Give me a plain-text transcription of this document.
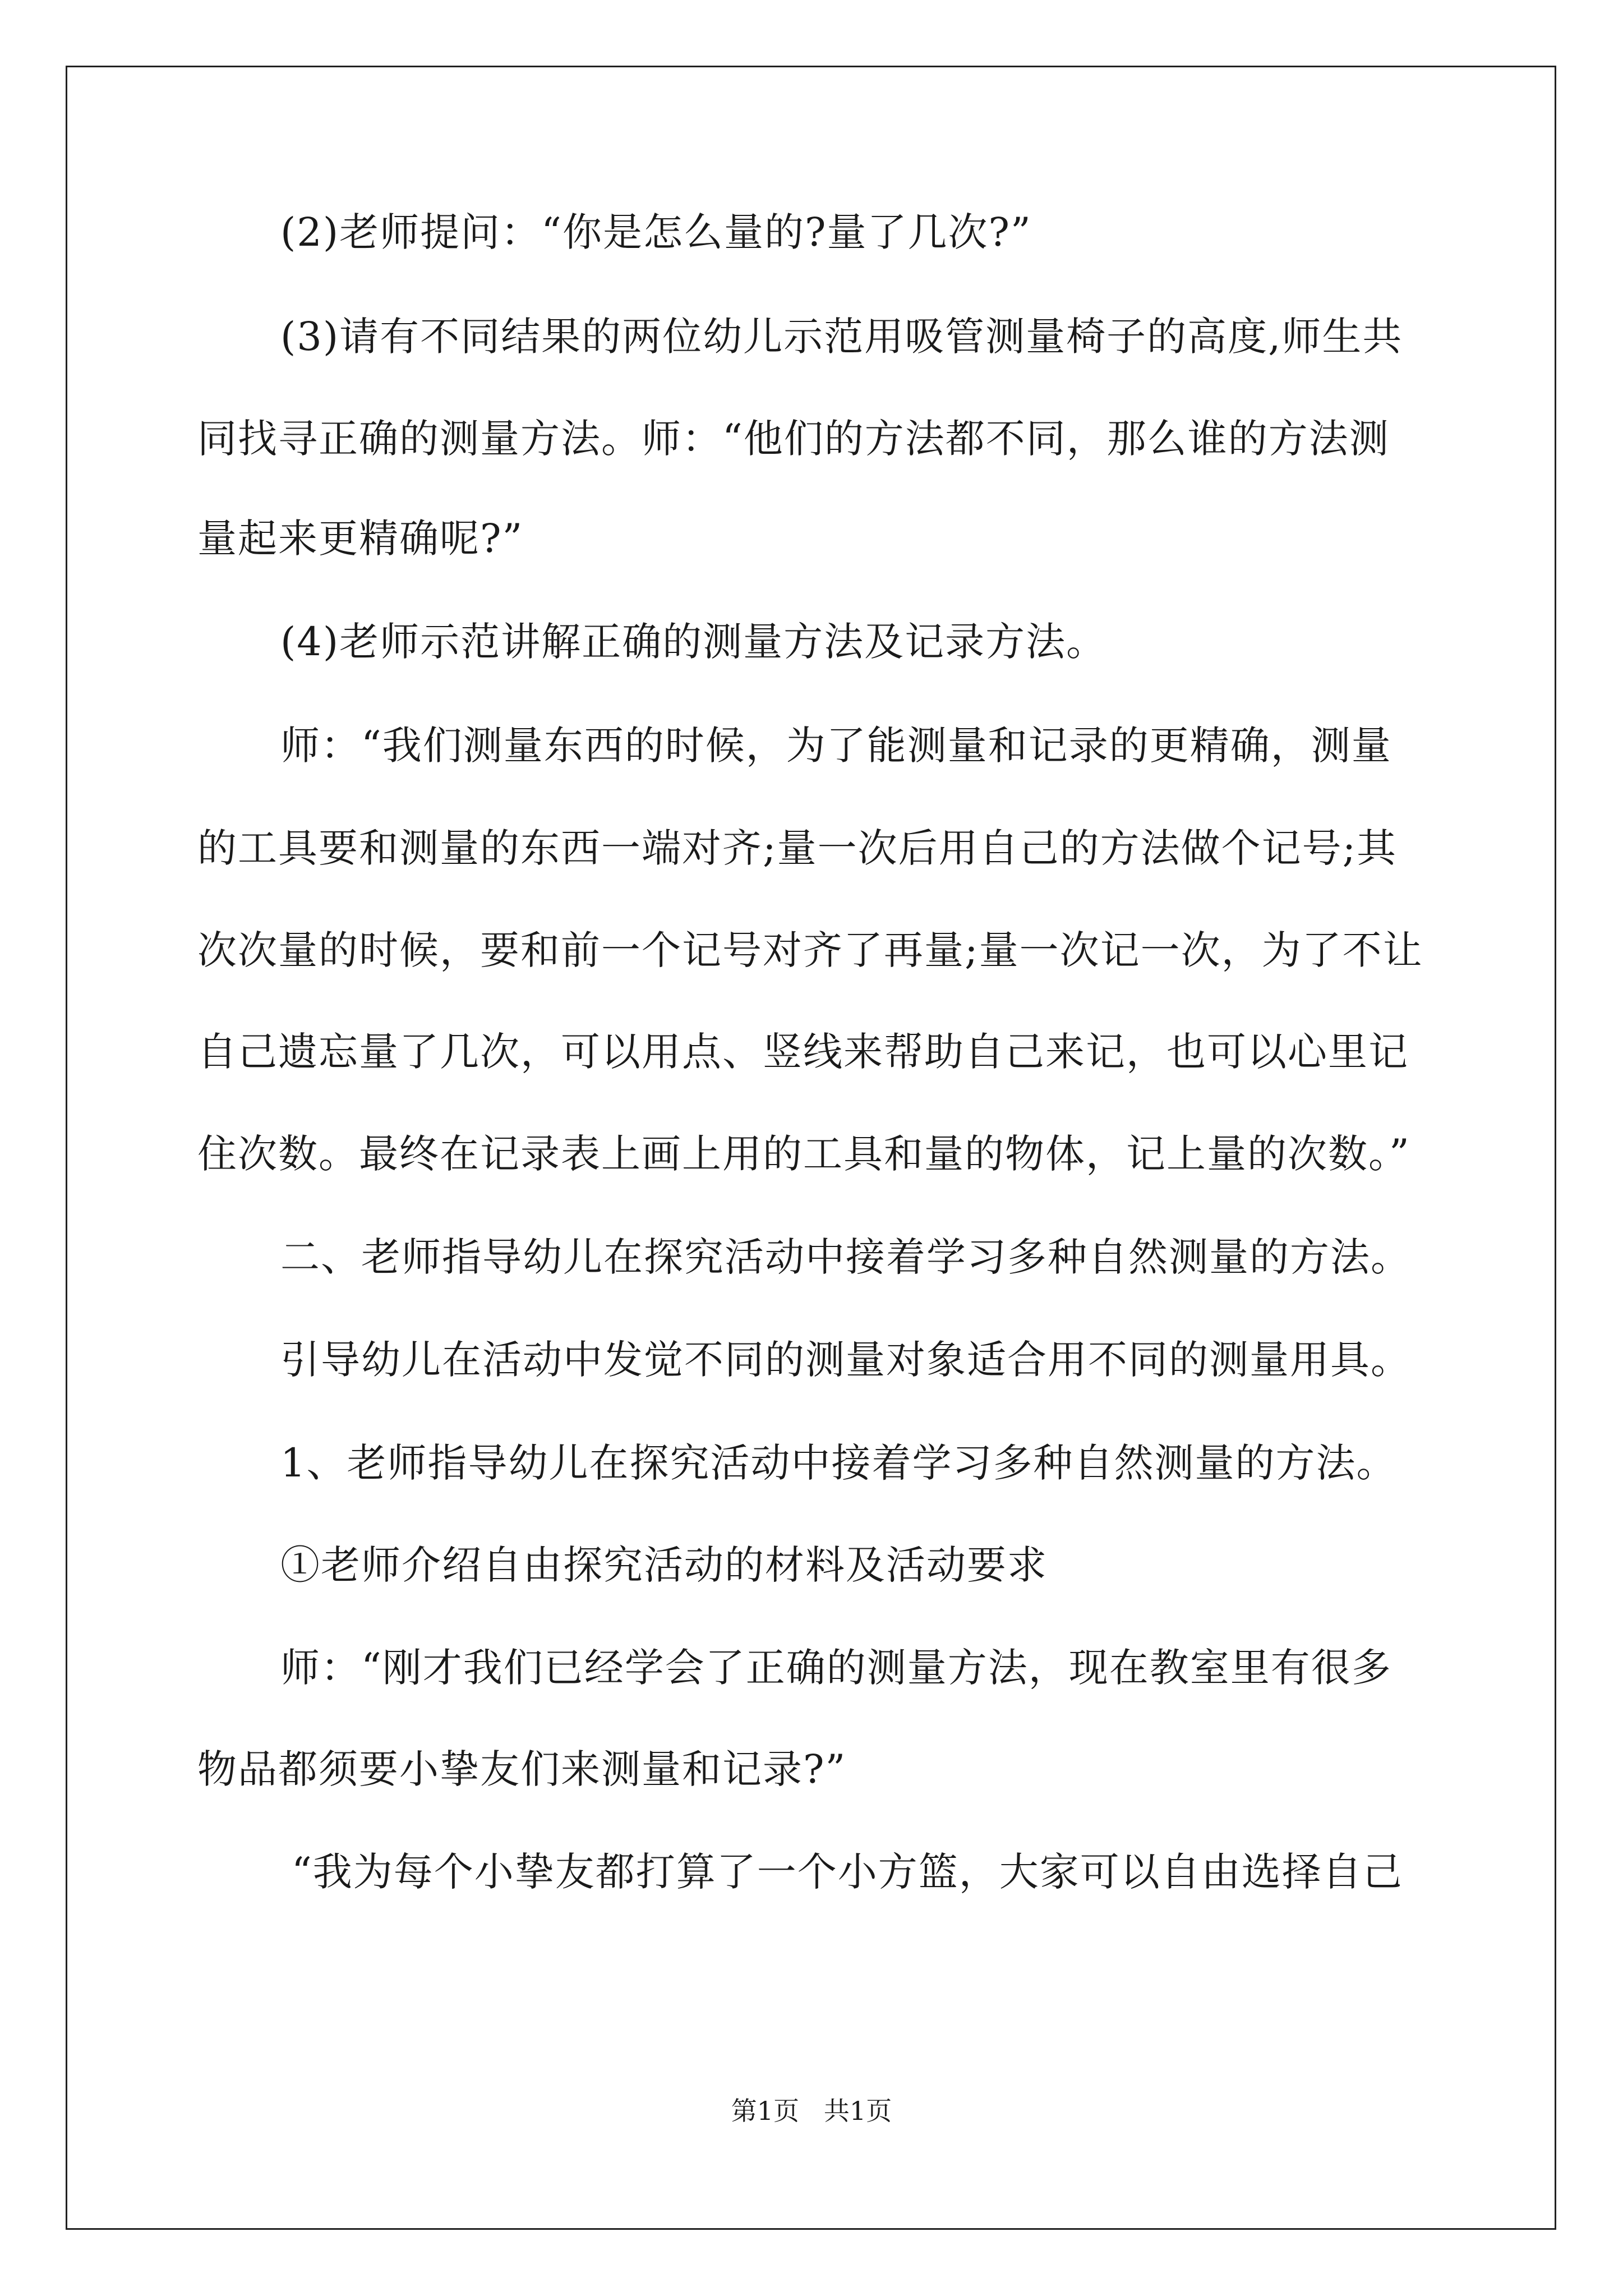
(2)老师提问：“你是怎么量的?量了几次?”

(3)请有不同结果的两位幼儿示范用吸管测量椅子的高度,师生共

同找寻正确的测量方法。师：“他们的方法都不同，那么谁的方法测

量起来更精确呢?”

(4)老师示范讲解正确的测量方法及记录方法。

师：“我们测量东西的时候，为了能测量和记录的更精确，测量

的工具要和测量的东西一端对齐;量一次后用自己的方法做个记号;其

次次量的时候，要和前一个记号对齐了再量;量一次记一次，为了不让

自己遗忘量了几次，可以用点、竖线来帮助自己来记，也可以心里记

住次数。最终在记录表上画上用的工具和量的物体，记上量的次数。”

二、老师指导幼儿在探究活动中接着学习多种自然测量的方法。

引导幼儿在活动中发觉不同的测量对象适合用不同的测量用具。

1、老师指导幼儿在探究活动中接着学习多种自然测量的方法。

①老师介绍自由探究活动的材料及活动要求

师：“刚才我们已经学会了正确的测量方法，现在教室里有很多

物品都须要小挚友们来测量和记录?”

“我为每个小挚友都打算了一个小方篮，大家可以自由选择自己

第1页   共1页
